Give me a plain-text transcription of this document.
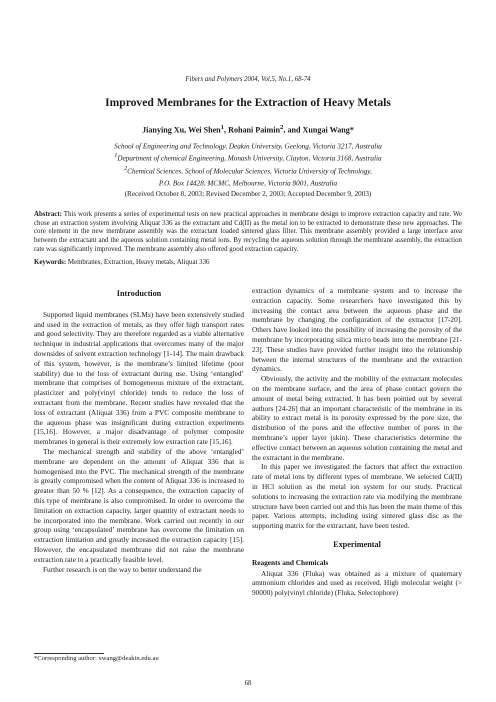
Fibers and Polymers 2004, Vol.5, No.1, 68-74
Improved Membranes for the Extraction of Heavy Metals
Jianying Xu, Wei Shen$^1$, Rohani Paimin$^2$, and Xungai Wang*
School of Engineering and Technology, Deakin University, Geelong, Victoria 3217, Australia
$^1$Department of chemical Engineering, Monash University, Clayton, Victoria 3168, Australia
$^2$Chemical Sciences, School of Molecular Sciences, Victoria University of Technology,
P.O. Box 14428, MCMC, Melbourne, Victoria 8001, Australia
(Received October 8, 2003; Revised December 2, 2003; Accepted December 9, 2003)
Abstract: This work presents a series of experimental tests on new practical approaches in membrane design to improve extraction capacity and rate. We chose an extraction system involving Aliquat 336 as the extractant and Cd(II) as the metal ion to be extracted to demonstrate these new approaches. The core element in the new membrane assembly was the extractant loaded sintered glass filter. This membrane assembly provided a large interface area between the extractant and the aqueous solution containing metal ions. By recycling the aqueous solution through the membrane assembly, the extraction rate was significantly improved. The membrane assembly also offered good extraction capacity.
Keywords: Membranes, Extraction, Heavy metals, Aliquat 336
Introduction

Supported liquid membranes (SLMs) have been extensively studied and used in the extraction of metals, as they offer high transport rates and good selectivity. They are therefore regarded as a viable alternative technique in industrial applications that overcomes many of the major downsides of solvent extraction technology [1-14]. The main drawback of this system, however, is the membrane’s limited lifetime (poor stability) due to the loss of extractant during use. Using ‘entangled’ membrane that comprises of homogeneous mixture of the extractant, plasticizer and poly(vinyl chloride) tends to reduce the loss of extractant from the membrane. Recent studies have revealed that the loss of extractant (Aliquat 336) from a PVC composite membrane to the aqueous phase was insignificant during extraction experiments [15,16]. However, a major disadvantage of polymer composite membranes in general is their extremely low extraction rate [15,16].

The mechanical strength and stability of the above ‘entangled’ membrane are dependent on the amount of Aliquat 336 that is homogenised into the PVC. The mechanical strength of the membrane is greatly compromised when the content of Aliquat 336 is increased to greater than 50 % [12]. As a consequence, the extraction capacity of this type of membrane is also compromised. In order to overcome the limitation on extraction capacity, larger quantity of extractant needs to be incorporated into the membrane. Work carried out recently in our group using ‘encapsulated’ membrane has overcome the limitation on extraction limitation and greatly increased the extraction capacity [15]. However, the encapsulated membrane did not raise the membrane extraction rate to a practically feasible level.

Further research is on the way to better understand the

extraction dynamics of a membrane system and to increase the extraction capacity. Some researchers have investigated this by increasing the contact area between the aqueous phase and the membrane by changing the configuration of the extractor [17-20]. Others have looked into the possibility of increasing the porosity of the membrane by incorporating silica micro beads into the membrane [21-23]. These studies have provided further insight into the relationship between the internal structures of the membrane and the extraction dynamics.

Obviously, the activity and the mobility of the extractant molecules on the membrane surface, and the area of phase contact govern the amount of metal being extracted. It has been pointed out by several authors [24-26] that an important characteristic of the membrane in its ability to extract metal is its porosity expressed by the pore size, the distribution of the pores and the effective number of pores in the membrane’s upper layer (skin). These characteristics determine the effective contact between an aqueous solution containing the metal and the extractant in the membrane.

In this paper we investigated the factors that affect the extraction rate of metal ions by different types of membrane. We selected Cd(II) in HCl solution as the metal ion system for our study. Practical solutions to increasing the extraction rate via modifying the membrane structure have been carried out and this has been the main theme of this paper. Various attempts, including using sintered glass disc as the supporting matrix for the extractant, have been tested.

Experimental
Reagents and Chemicals

Aliquat 336 (Fluka) was obtained as a mixture of quaternary ammonium chlorides and used as received. High molecular weight (> 90000) poly(vinyl chloride) (Fluka, Selectophore)

*Corresponding author: xwang@deakin.edu.au
68
